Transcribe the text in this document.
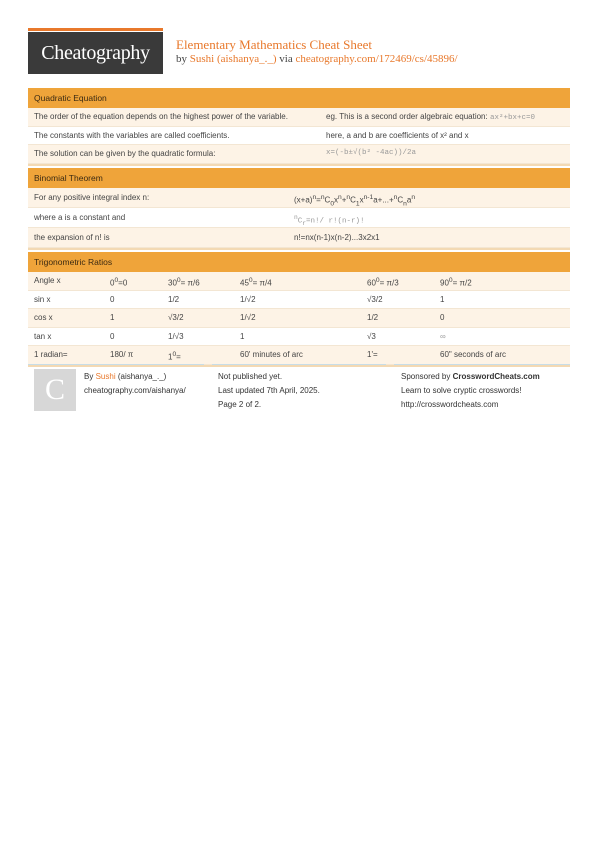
Cheatography Elementary Mathematics Cheat Sheet
by Sushi (aishanya_._) via cheatography.com/172469/cs/45896/
Quadratic Equation
The order of the equation depends on the highest power of the variable.	eg. This is a second order algebraic equation: ax²+bx+c=0
The constants with the variables are called coefficients.	here, a and b are coefficients of x² and x
The solution can be given by the quadratic formula:	x=(-b±√(b² -4ac))/2a
Binomial Theorem
For any positive integral index n:	$(x+a)^n=^nC_0x^n+^nC_1x^{n-1}a+...+^nC_na^n$
where a is a constant and	$^nC_r=n!/$ r!(n-r)!
the expansion of n! is	n!=nx(n-1)x(n-2)...3x2x1
Trigonometric Ratios
Angle x	$0^0=0$	$30^0= \pi/6$	$45^0= \pi/4$	$60^0= \pi/3$	$90^0= \pi/2$
sin x	0	1/2	1/√2	√3/2	1
cos x	1	√3/2	1/√2	1/2	0
tan x	0	1/√3	1	√3	∞
1 radian=	180/ π	$1^0=$	60' minutes of arc	1'=	60" seconds of arc
C By Sushi (aishanya_._)
cheatography.com/aishanya/
Not published yet.
Last updated 7th April, 2025.
Page 2 of 2.
Sponsored by CrosswordCheats.com
Learn to solve cryptic crosswords!
http://crosswordcheats.com
